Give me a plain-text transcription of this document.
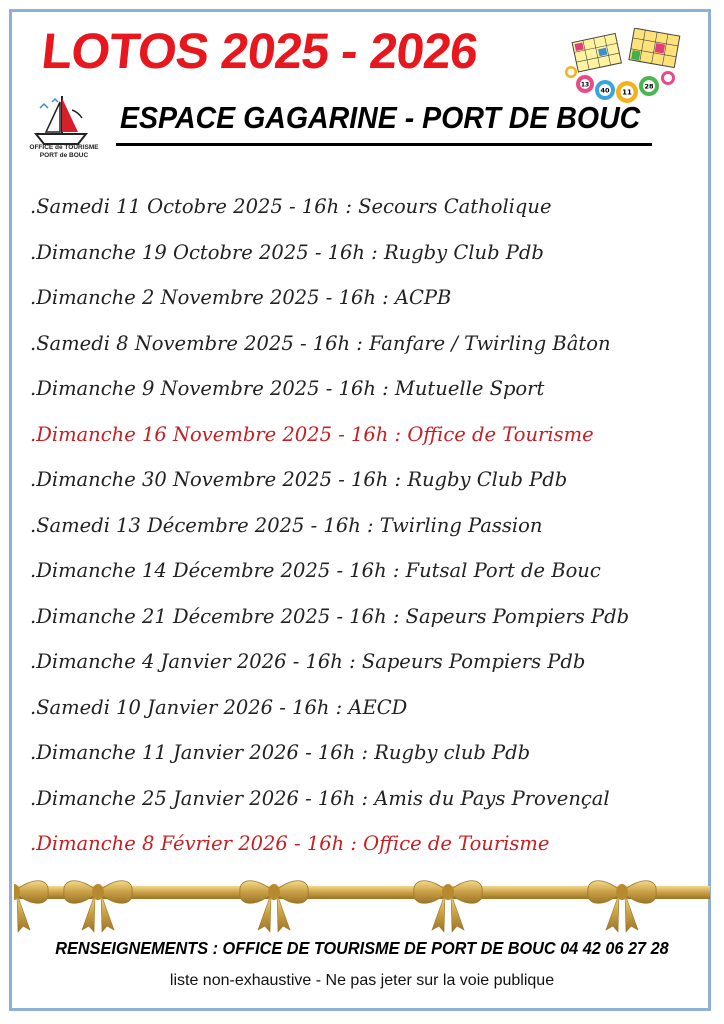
OFFICE de TOURISME PORT de BOUC
LOTOS 2025 - 2026
13
40 11
28
ESPACE GAGARINE - PORT DE BOUC
.Samedi 11 Octobre 2025 - 16h : Secours Catholique
.Dimanche 19 Octobre 2025 - 16h : Rugby Club Pdb
.Dimanche 2 Novembre 2025 - 16h : ACPB
.Samedi 8 Novembre 2025 - 16h : Fanfare / Twirling Bâton
.Dimanche 9 Novembre 2025 - 16h : Mutuelle Sport
.Dimanche 16 Novembre 2025 - 16h : Office de Tourisme
.Dimanche 30 Novembre 2025 - 16h : Rugby Club Pdb
.Samedi 13 Décembre 2025 - 16h : Twirling Passion
.Dimanche 14 Décembre 2025 - 16h : Futsal Port de Bouc
.Dimanche 21 Décembre 2025 - 16h : Sapeurs Pompiers Pdb
.Dimanche 4 Janvier 2026 - 16h : Sapeurs Pompiers Pdb
.Samedi 10 Janvier 2026 - 16h : AECD
.Dimanche 11 Janvier 2026 - 16h : Rugby club Pdb
.Dimanche 25 Janvier 2026 - 16h : Amis du Pays Provençal
.Dimanche 8 Février 2026 - 16h : Office de Tourisme

RENSEIGNEMENTS : OFFICE DE TOURISME DE PORT DE BOUC 04 42 06 27 28

liste non-exhaustive - Ne pas jeter sur la voie publique
